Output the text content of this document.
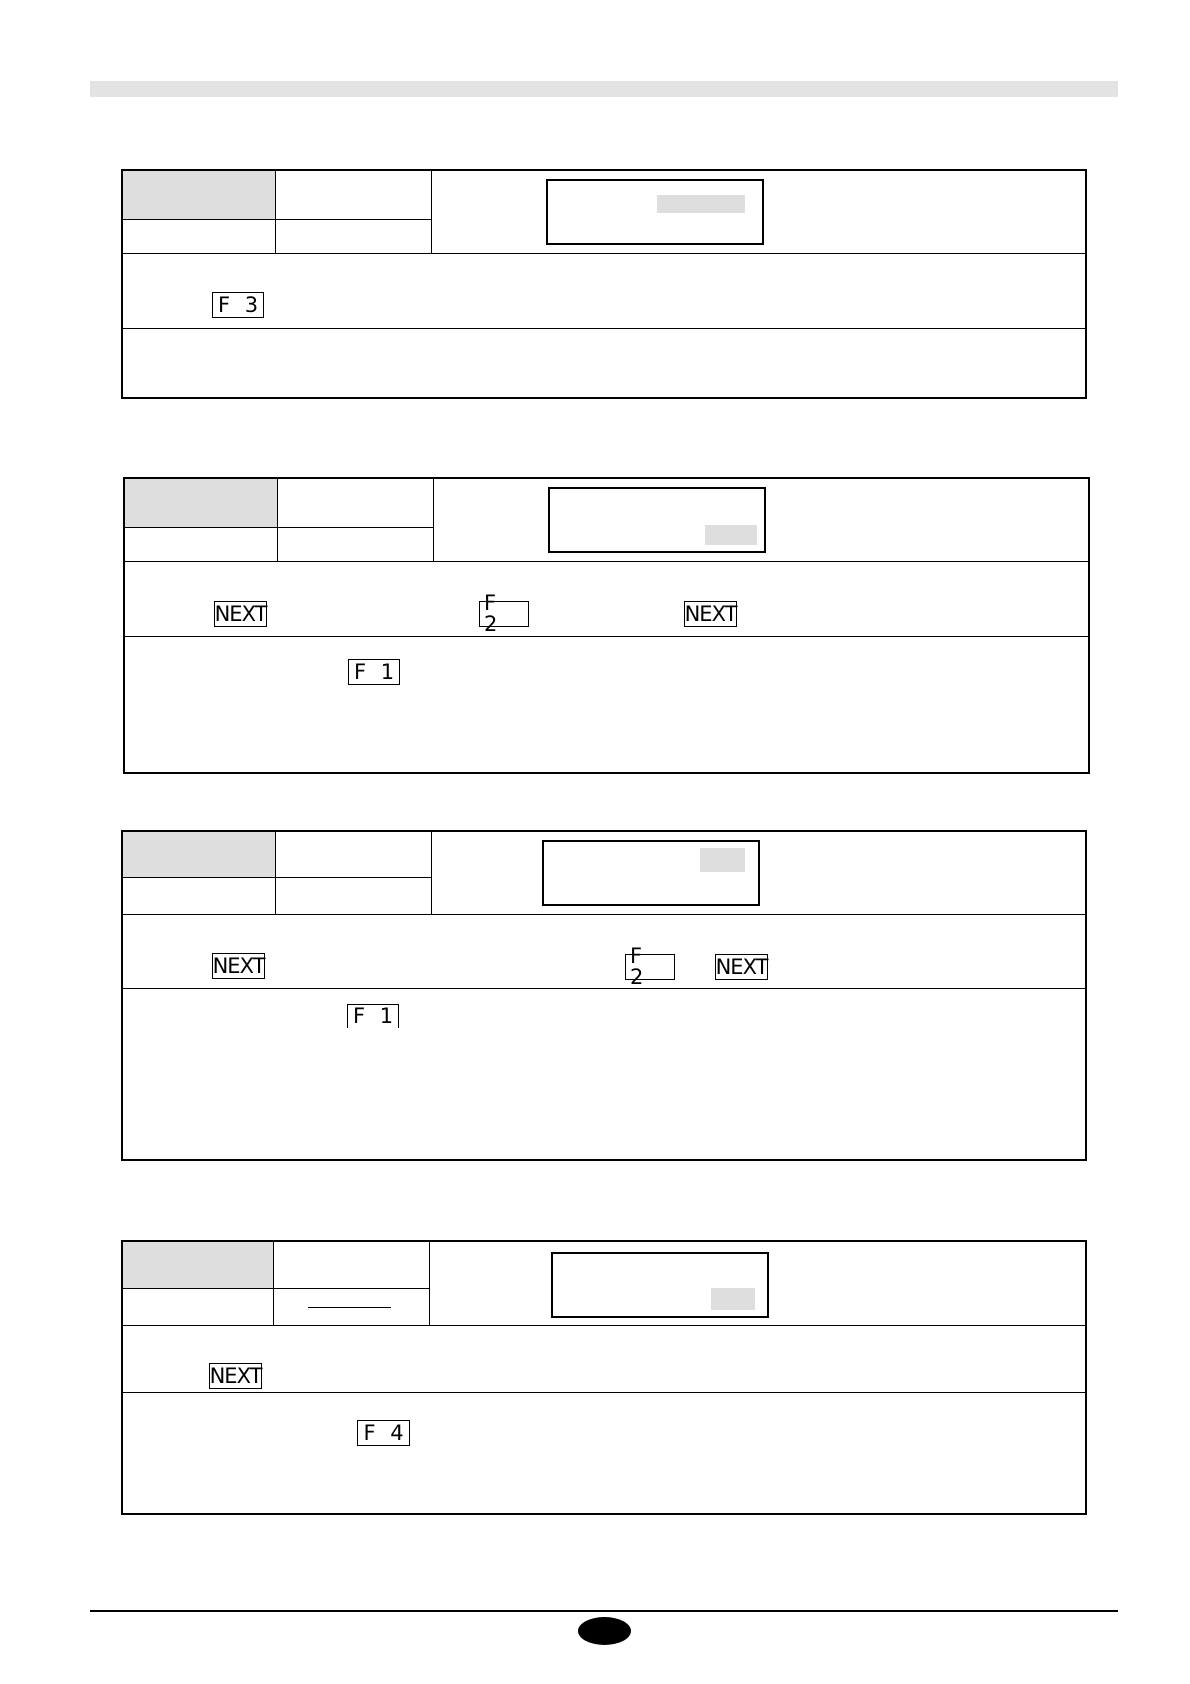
F 3
NEXT	F 2	NEXT
F 1
NEXT	F 2	NEXT
F 1
NEXT
F 4
